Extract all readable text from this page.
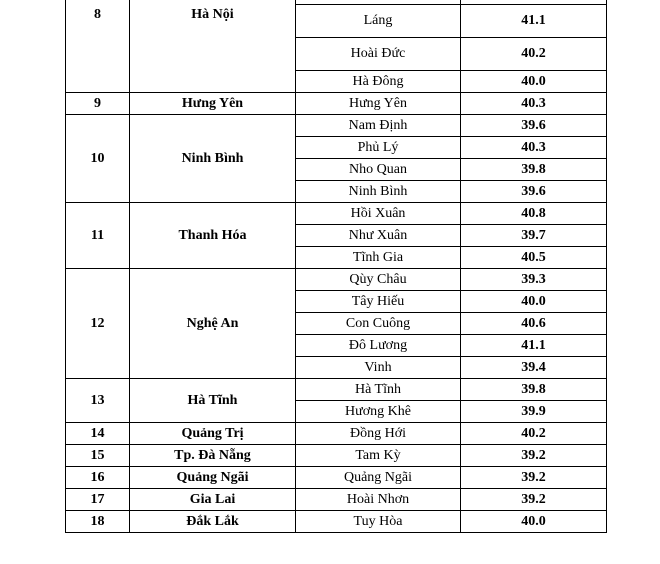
8	Hà Nội		
		Láng	41.1
		Hoài Đức	40.2
		Hà Đông	40.0
9	Hưng Yên	Hưng Yên	40.3
10	Ninh Bình	Nam Định	39.6
		Phủ Lý	40.3
		Nho Quan	39.8
		Ninh Bình	39.6
11	Thanh Hóa	Hồi Xuân	40.8
		Như Xuân	39.7
		Tĩnh Gia	40.5
12	Nghệ An	Qùy Châu	39.3
		Tây Hiếu	40.0
		Con Cuông	40.6
		Đô Lương	41.1
		Vinh	39.4
13	Hà Tĩnh	Hà Tĩnh	39.8
		Hương Khê	39.9
14	Quảng Trị	Đồng Hới	40.2
15	Tp. Đà Nẵng	Tam Kỳ	39.2
16	Quảng Ngãi	Quảng Ngãi	39.2
17	Gia Lai	Hoài Nhơn	39.2
18	Đắk Lắk	Tuy Hòa	40.0
